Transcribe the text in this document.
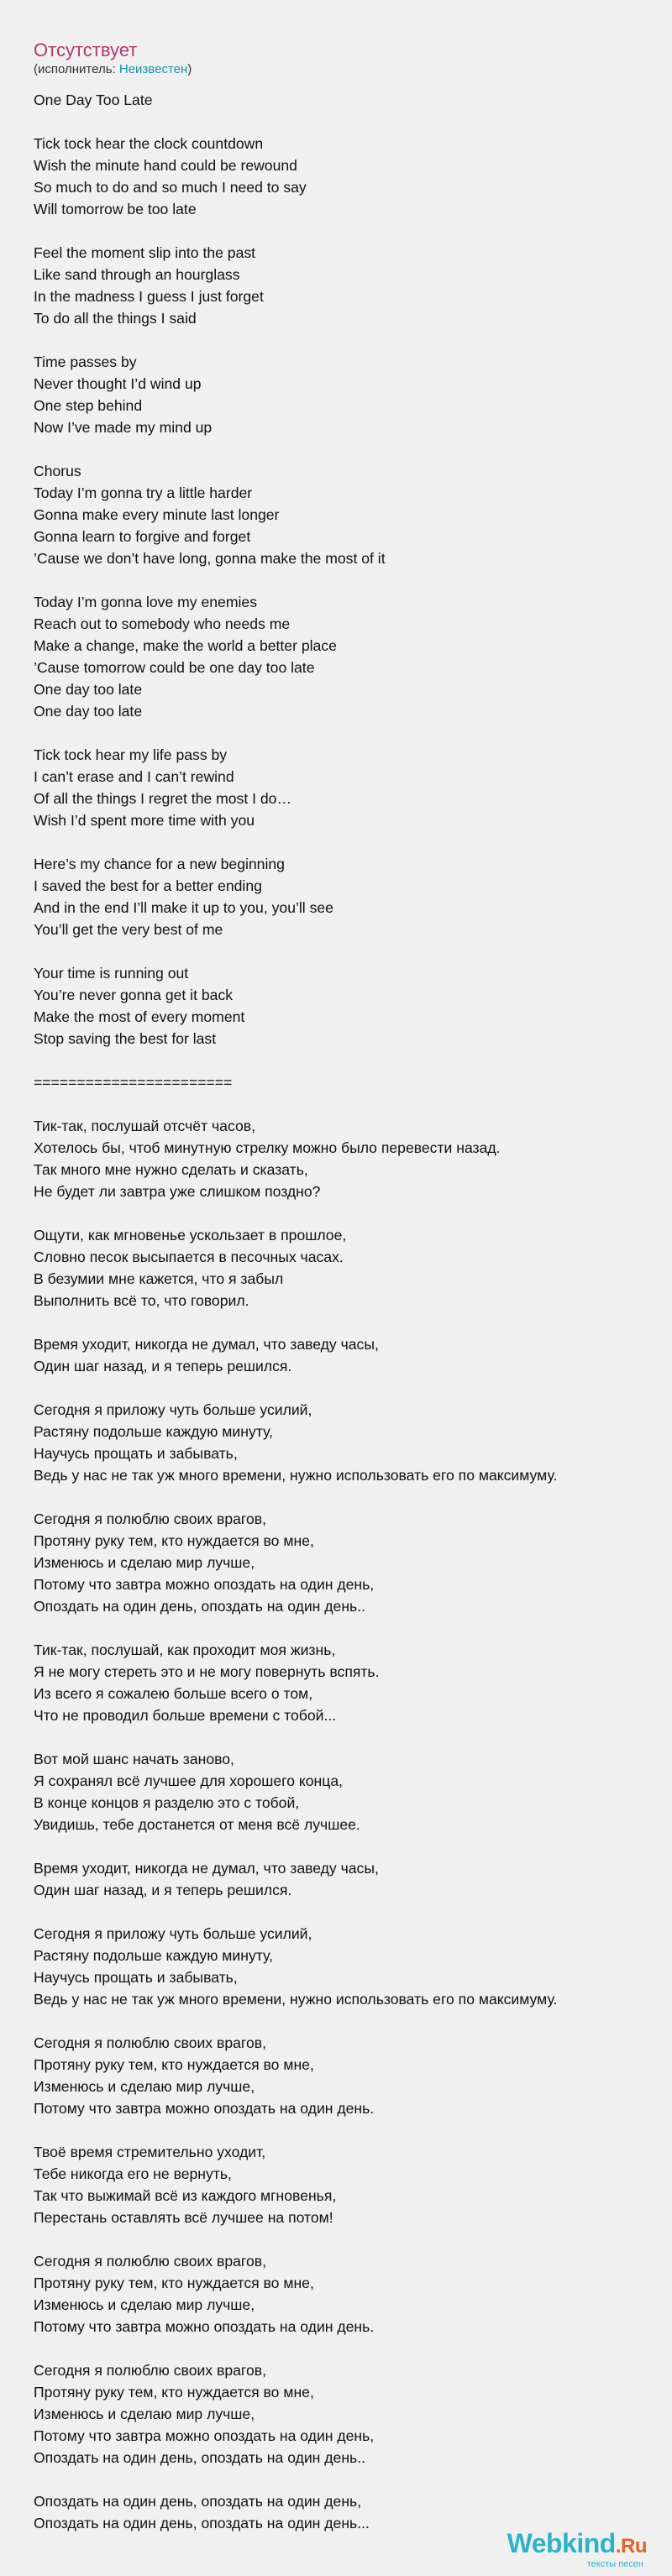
Отсутствует
(исполнитель: Неизвестен)
One Day Too Late
Tick tock hear the clock countdown
Wish the minute hand could be rewound
So much to do and so much I need to say
Will tomorrow be too late
Feel the moment slip into the past
Like sand through an hourglass
In the madness I guess I just forget
To do all the things I said
Time passes by
Never thought I’d wind up
One step behind
Now I’ve made my mind up
Chorus
Today I’m gonna try a little harder
Gonna make every minute last longer
Gonna learn to forgive and forget
’Cause we don’t have long, gonna make the most of it
Today I’m gonna love my enemies
Reach out to somebody who needs me
Make a change, make the world a better place
’Cause tomorrow could be one day too late
One day too late
One day too late
Tick tock hear my life pass by
I can’t erase and I can’t rewind
Of all the things I regret the most I do…
Wish I’d spent more time with you
Here’s my chance for a new beginning
I saved the best for a better ending
And in the end I’ll make it up to you, you’ll see
You’ll get the very best of me
Your time is running out
You’re never gonna get it back
Make the most of every moment
Stop saving the best for last
=======================
Тик-так, послушай отсчёт часов,
Хотелось бы, чтоб минутную стрелку можно было перевести назад.
Так много мне нужно сделать и сказать,
Не будет ли завтра уже слишком поздно?
Ощути, как мгновенье ускользает в прошлое,
Словно песок высыпается в песочных часах.
В безумии мне кажется, что я забыл
Выполнить всё то, что говорил.
Время уходит, никогда не думал, что заведу часы,
Один шаг назад, и я теперь решился.
Сегодня я приложу чуть больше усилий,
Растяну подольше каждую минуту,
Научусь прощать и забывать,
Ведь у нас не так уж много времени, нужно использовать его по максимуму.
Сегодня я полюблю своих врагов,
Протяну руку тем, кто нуждается во мне,
Изменюсь и сделаю мир лучше,
Потому что завтра можно опоздать на один день,
Опоздать на один день, опоздать на один день..
Тик-так, послушай, как проходит моя жизнь,
Я не могу стереть это и не могу повернуть вспять.
Из всего я сожалею больше всего о том,
Что не проводил больше времени с тобой...
Вот мой шанс начать заново,
Я сохранял всё лучшее для хорошего конца,
В конце концов я разделю это с тобой,
Увидишь, тебе достанется от меня всё лучшее.
Время уходит, никогда не думал, что заведу часы,
Один шаг назад, и я теперь решился.
Сегодня я приложу чуть больше усилий,
Растяну подольше каждую минуту,
Научусь прощать и забывать,
Ведь у нас не так уж много времени, нужно использовать его по максимуму.
Сегодня я полюблю своих врагов,
Протяну руку тем, кто нуждается во мне,
Изменюсь и сделаю мир лучше,
Потому что завтра можно опоздать на один день.
Твоё время стремительно уходит,
Тебе никогда его не вернуть,
Так что выжимай всё из каждого мгновенья,
Перестань оставлять всё лучшее на потом!
Сегодня я полюблю своих врагов,
Протяну руку тем, кто нуждается во мне,
Изменюсь и сделаю мир лучше,
Потому что завтра можно опоздать на один день.
Сегодня я полюблю своих врагов,
Протяну руку тем, кто нуждается во мне,
Изменюсь и сделаю мир лучше,
Потому что завтра можно опоздать на один день,
Опоздать на один день, опоздать на один день..
Опоздать на один день, опоздать на один день,
Опоздать на один день, опоздать на один день...
Webkind.Ru
тексты песен
